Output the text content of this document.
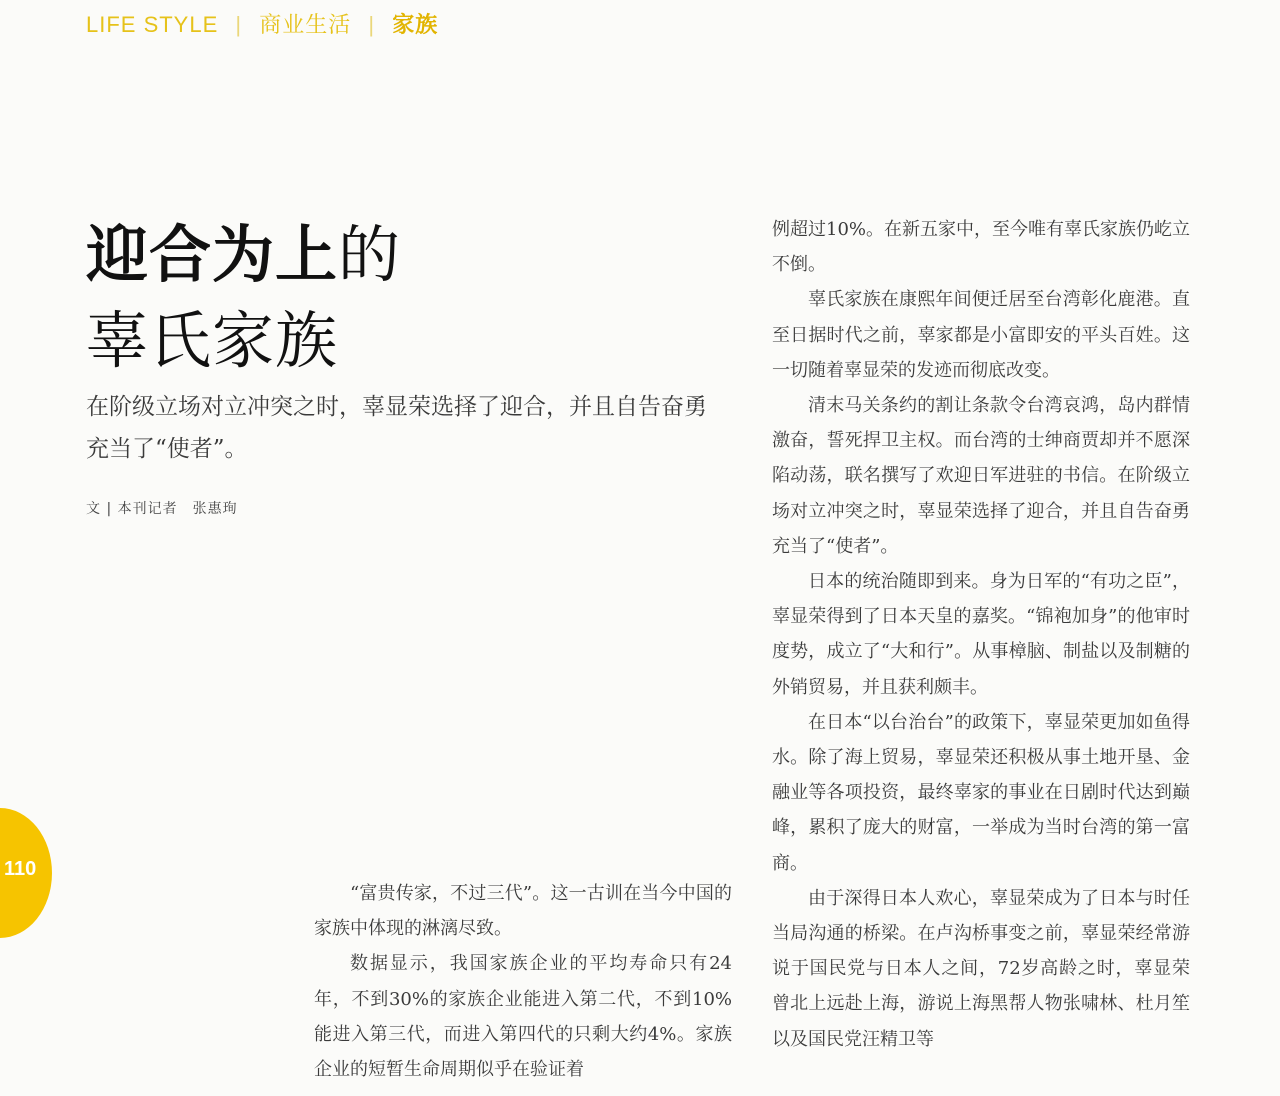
LIFE STYLE | 商业生活 | 家族
迎合为上的
辜氏家族
在阶级立场对立冲突之时，辜显荣选择了迎合，并且自告奋勇充当了“使者”。
文 | 本刊记者　张惠珣
110

“富贵传家，不过三代”。这一古训在当今中国的家族中体现的淋漓尽致。

数据显示，我国家族企业的平均寿命只有24年，不到30%的家族企业能进入第二代，不到10%能进入第三代，而进入第四代的只剩大约4%。家族企业的短暂生命周期似乎在验证着

例超过10%。在新五家中，至今唯有辜氏家族仍屹立不倒。

辜氏家族在康熙年间便迁居至台湾彰化鹿港。直至日据时代之前，辜家都是小富即安的平头百姓。这一切随着辜显荣的发迹而彻底改变。

清末马关条约的割让条款令台湾哀鸿，岛内群情激奋，誓死捍卫主权。而台湾的士绅商贾却并不愿深陷动荡，联名撰写了欢迎日军进驻的书信。在阶级立场对立冲突之时，辜显荣选择了迎合，并且自告奋勇充当了“使者”。

日本的统治随即到来。身为日军的“有功之臣”，辜显荣得到了日本天皇的嘉奖。“锦袍加身”的他审时度势，成立了“大和行”。从事樟脑、制盐以及制糖的外销贸易，并且获利颇丰。

在日本“以台治台”的政策下，辜显荣更加如鱼得水。除了海上贸易，辜显荣还积极从事土地开垦、金融业等各项投资，最终辜家的事业在日剧时代达到巅峰，累积了庞大的财富，一举成为当时台湾的第一富商。

由于深得日本人欢心，辜显荣成为了日本与时任当局沟通的桥梁。在卢沟桥事变之前，辜显荣经常游说于国民党与日本人之间，72岁高龄之时，辜显荣曾北上远赴上海，游说上海黑帮人物张啸林、杜月笙以及国民党汪精卫等
